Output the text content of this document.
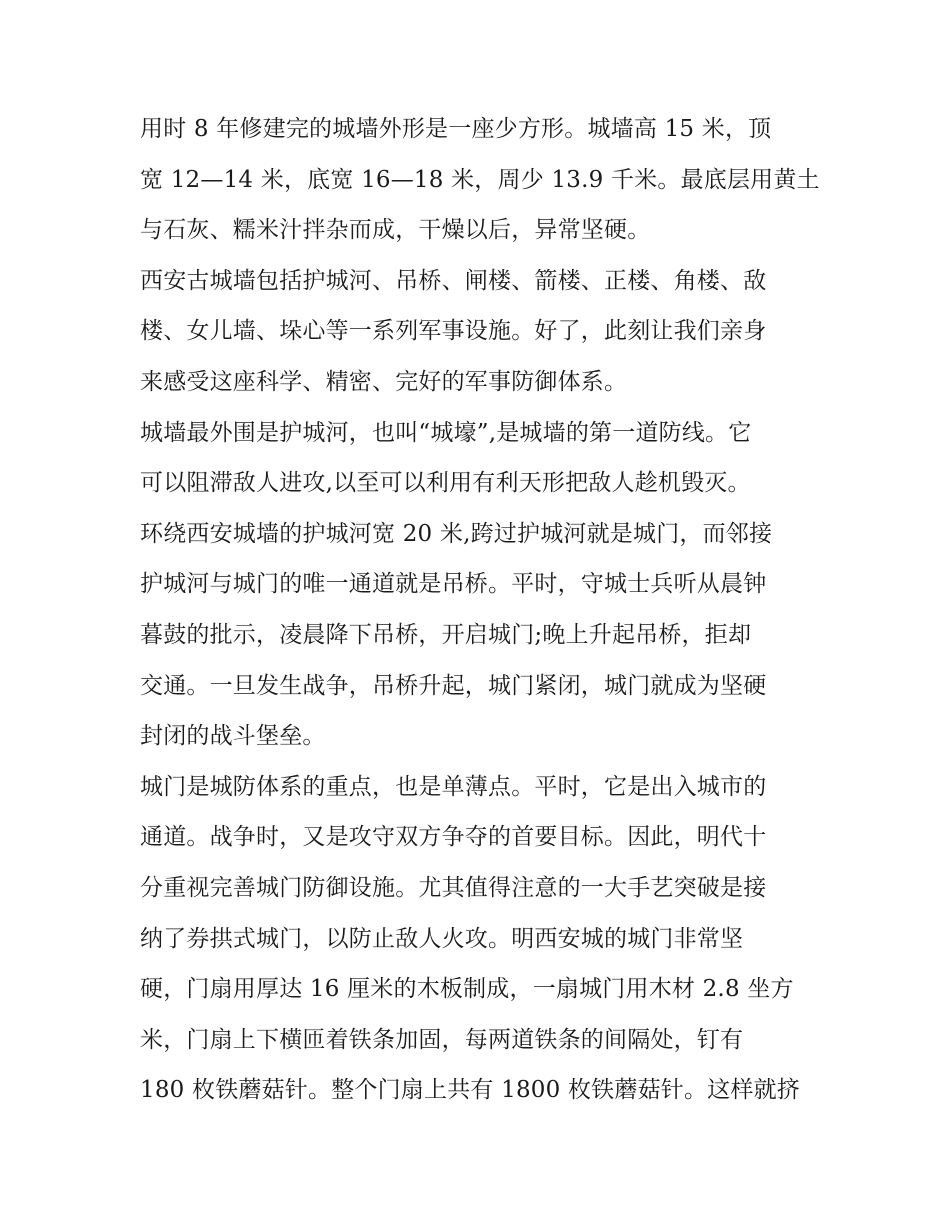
用时 8 年修建完的城墙外形是一座少方形。城墙高 15 米，顶
宽 12—14 米，底宽 16—18 米，周少 13.9 千米。最底层用黄土
与石灰、糯米汁拌杂而成，干燥以后，异常坚硬。
西安古城墙包括护城河、吊桥、闸楼、箭楼、正楼、角楼、敌
楼、女儿墙、垛心等一系列军事设施。好了，此刻让我们亲身
来感受这座科学、精密、完好的军事防御体系。
城墙最外围是护城河，也叫“城壕”,是城墙的第一道防线。它
可以阻滞敌人进攻,以至可以利用有利天形把敌人趁机毁灭。
环绕西安城墙的护城河宽 20 米,跨过护城河就是城门，而邻接
护城河与城门的唯一通道就是吊桥。平时，守城士兵听从晨钟
暮鼓的批示，凌晨降下吊桥，开启城门;晚上升起吊桥，拒却
交通。一旦发生战争，吊桥升起，城门紧闭，城门就成为坚硬
封闭的战斗堡垒。
城门是城防体系的重点，也是单薄点。平时，它是出入城市的
通道。战争时，又是攻守双方争夺的首要目标。因此，明代十
分重视完善城门防御设施。尤其值得注意的一大手艺突破是接
纳了券拱式城门，以防止敌人火攻。明西安城的城门非常坚
硬，门扇用厚达 16 厘米的木板制成，一扇城门用木材 2.8 坐方
米，门扇上下横匝着铁条加固，每两道铁条的间隔处，钉有
180 枚铁蘑菇针。整个门扇上共有 1800 枚铁蘑菇针。这样就挤
